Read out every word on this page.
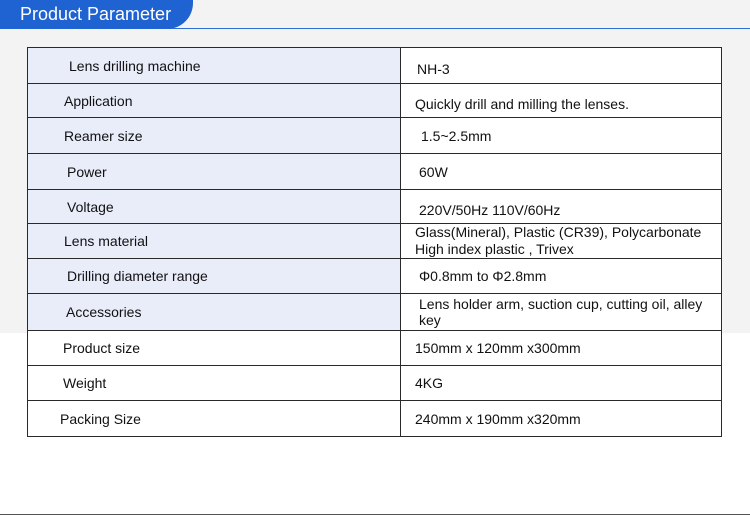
Product Parameter
Lens drilling machine	NH-3
Application	Quickly drill and milling the lenses.
Reamer size	1.5~2.5mm
Power	60W
Voltage	220V/50Hz 110V/60Hz
Lens material	Glass(Mineral), Plastic (CR39), Polycarbonate
High index plastic , Trivex

Drilling diameter range	Φ0.8mm to Φ2.8mm
Accessories	Lens holder arm, suction cup, cutting oil, alley key
Product size	150mm x 120mm x300mm
Weight	4KG
Packing Size	240mm x 190mm x320mm
